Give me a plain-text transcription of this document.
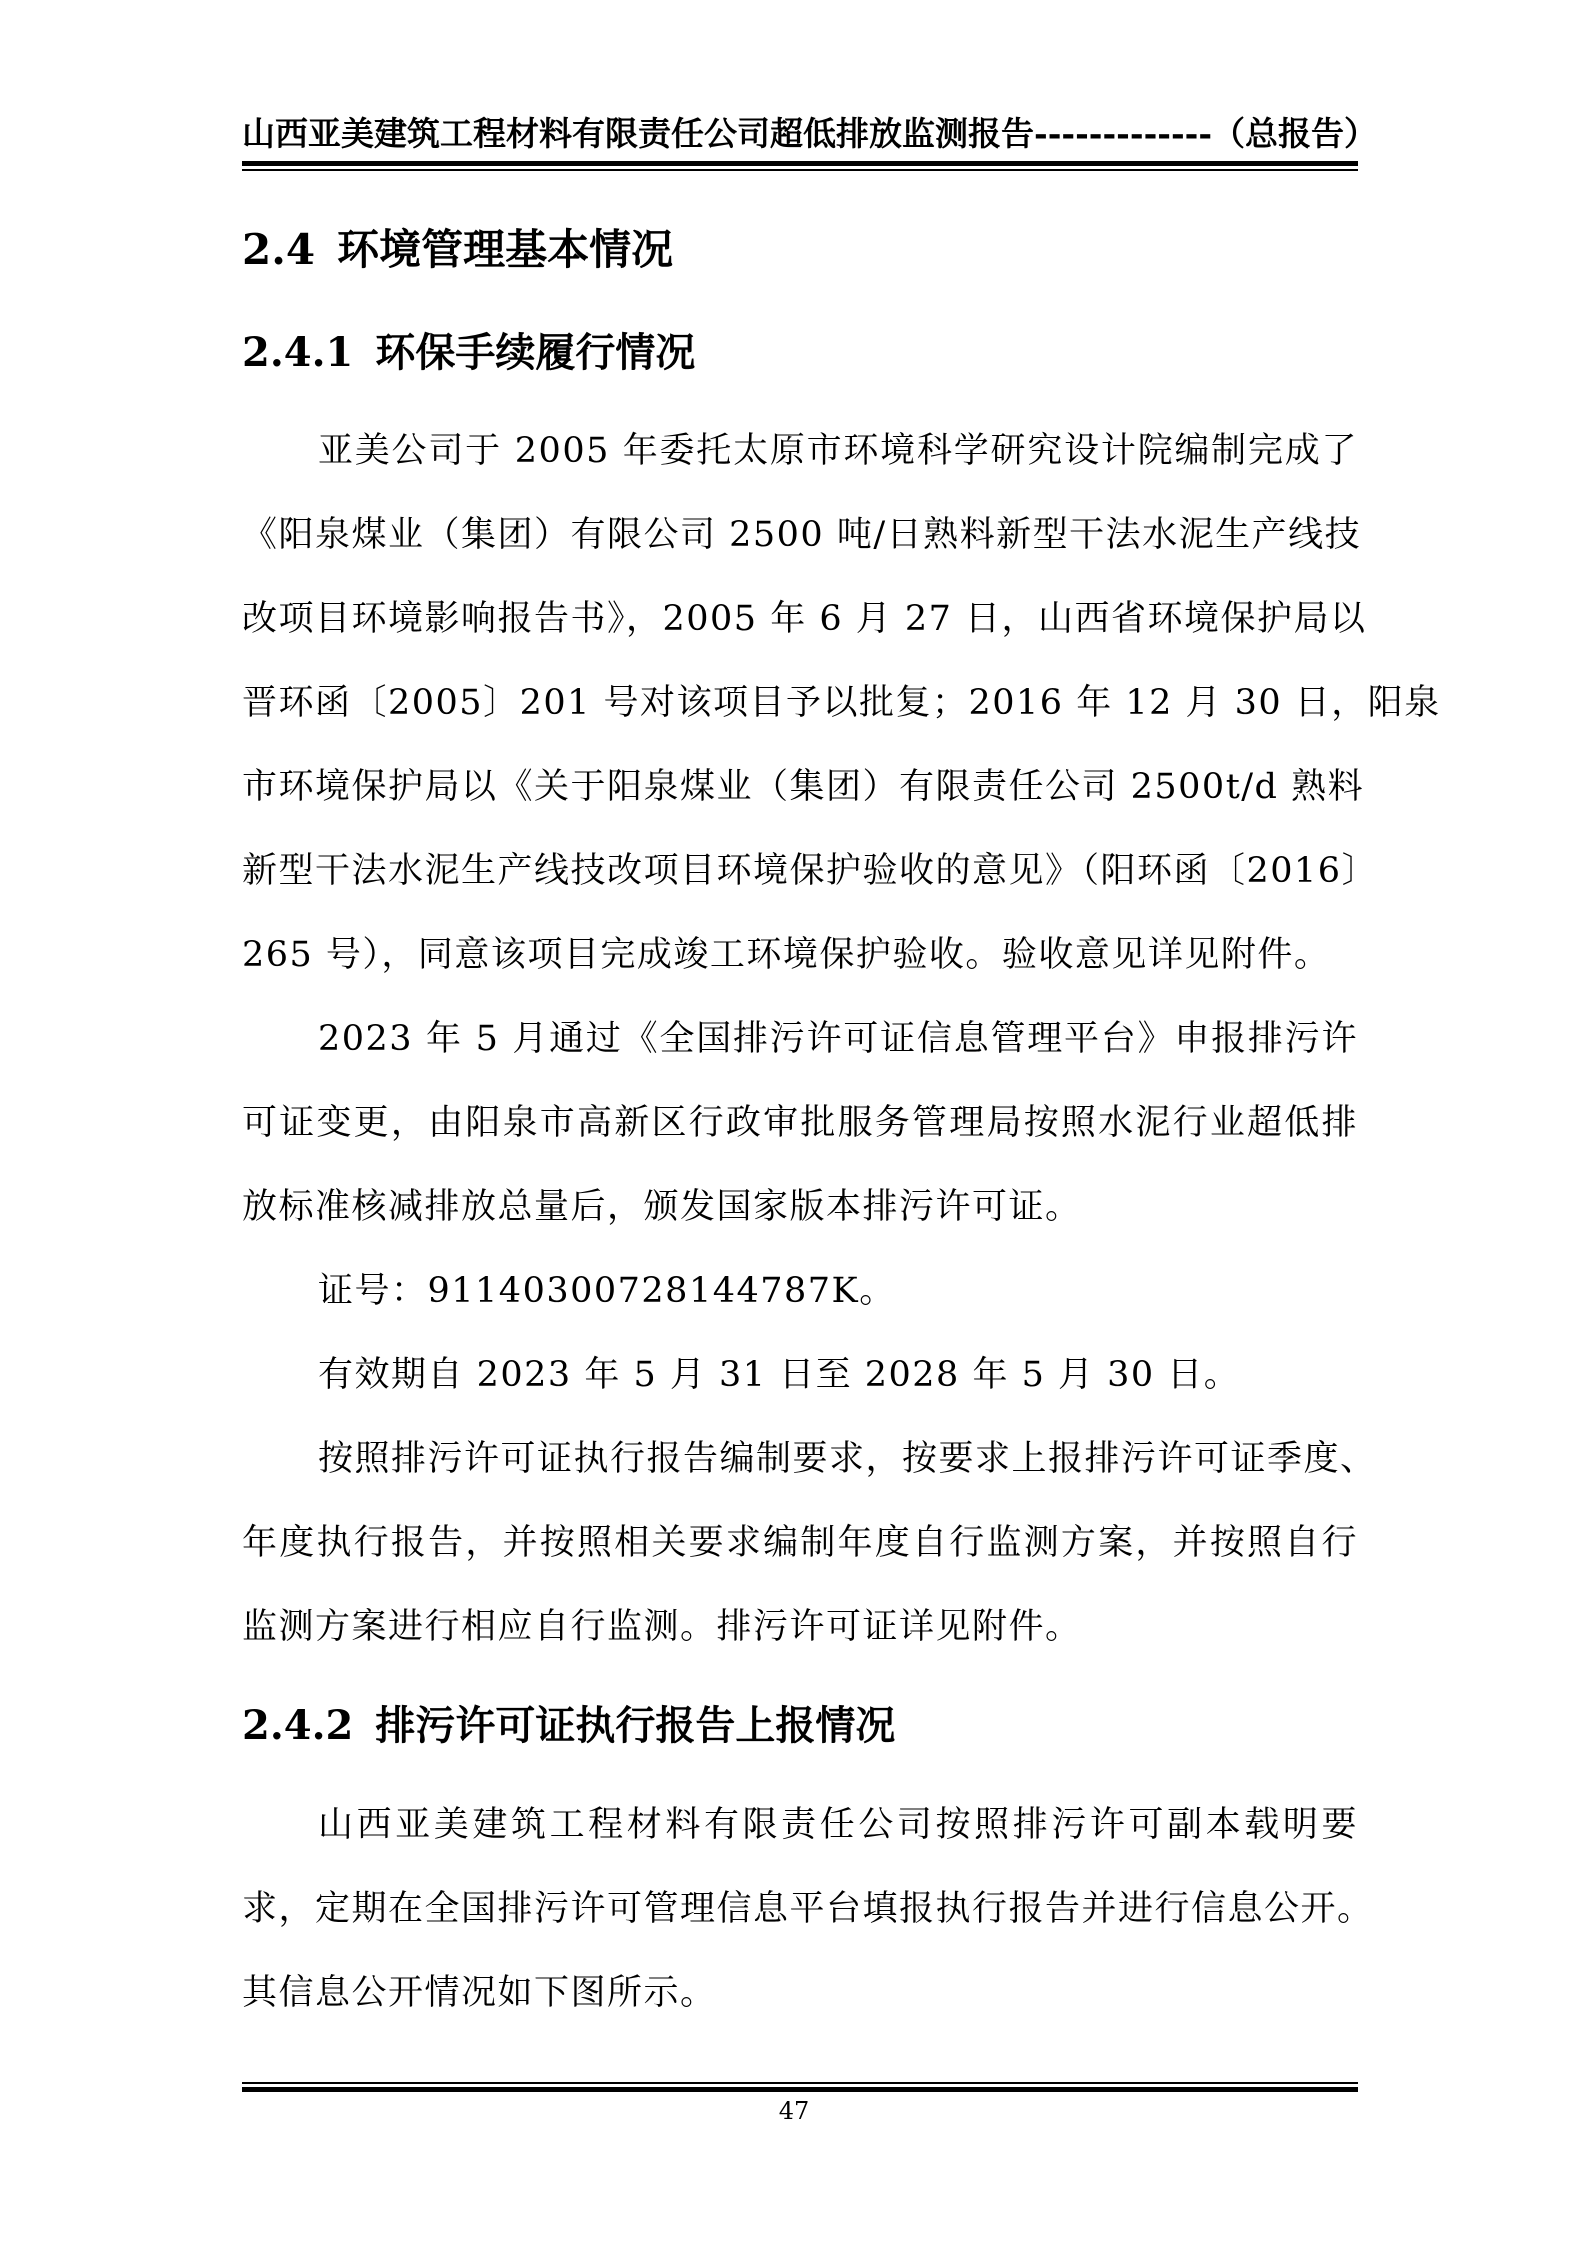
山西亚美建筑工程材料有限责任公司超低排放监测报告-------------（总报告）
2.4 环境管理基本情况
2.4.1 环保手续履行情况
亚美公司于 2005 年委托太原市环境科学研究设计院编制完成了
《阳泉煤业（集团）有限公司 2500 吨/日熟料新型干法水泥生产线技
改项目环境影响报告书》，2005 年 6 月 27 日，山西省环境保护局以
晋环函〔2005〕201 号对该项目予以批复；2016 年 12 月 30 日，阳泉
市环境保护局以《关于阳泉煤业（集团）有限责任公司 2500t/d 熟料
新型干法水泥生产线技改项目环境保护验收的意见》（阳环函〔2016〕
265 号），同意该项目完成竣工环境保护验收。验收意见详见附件。
2023 年 5 月通过《全国排污许可证信息管理平台》申报排污许
可证变更，由阳泉市高新区行政审批服务管理局按照水泥行业超低排
放标准核减排放总量后，颁发国家版本排污许可证。
证号：91140300728144787K。
有效期自 2023 年 5 月 31 日至 2028 年 5 月 30 日。
按照排污许可证执行报告编制要求，按要求上报排污许可证季度、
年度执行报告，并按照相关要求编制年度自行监测方案，并按照自行
监测方案进行相应自行监测。排污许可证详见附件。
2.4.2 排污许可证执行报告上报情况
山西亚美建筑工程材料有限责任公司按照排污许可副本载明要
求，定期在全国排污许可管理信息平台填报执行报告并进行信息公开。
其信息公开情况如下图所示。
47
